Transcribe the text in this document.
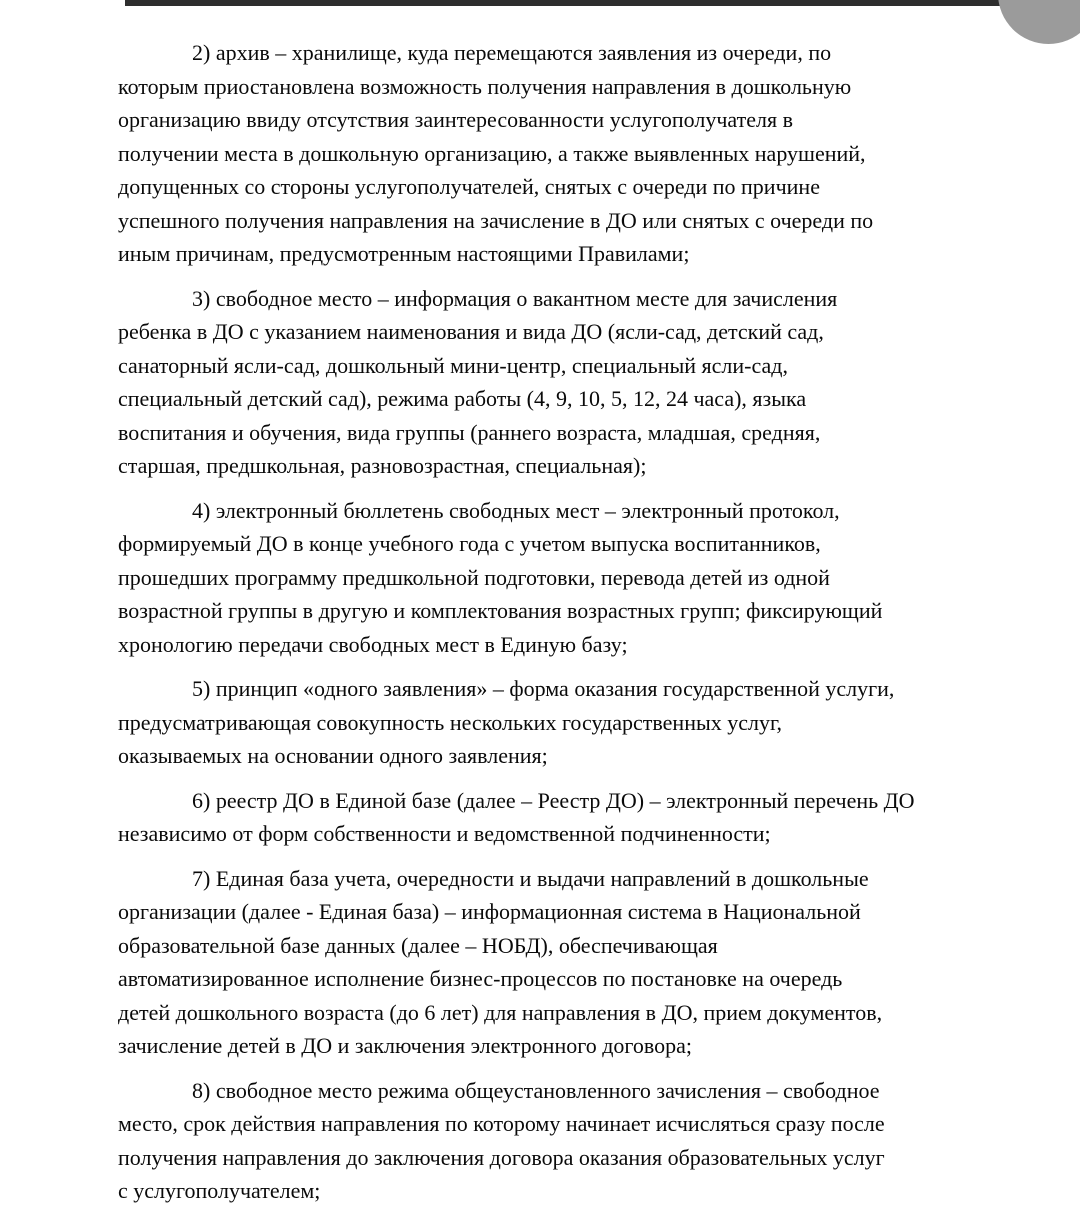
2) архив – хранилище, куда перемещаются заявления из очереди, по
которым приостановлена возможность получения направления в дошкольную
организацию ввиду отсутствия заинтересованности услугополучателя в
получении места в дошкольную организацию, а также выявленных нарушений,
допущенных со стороны услугополучателей, снятых с очереди по причине
успешного получения направления на зачисление в ДО или снятых с очереди по
иным причинам, предусмотренным настоящими Правилами;
3) свободное место – информация о вакантном месте для зачисления
ребенка в ДО с указанием наименования и вида ДО (ясли-сад, детский сад,
санаторный ясли-сад, дошкольный мини-центр, специальный ясли-сад,
специальный детский сад), режима работы (4, 9, 10, 5, 12, 24 часа), языка
воспитания и обучения, вида группы (раннего возраста, младшая, средняя,
старшая, предшкольная, разновозрастная, специальная);
4) электронный бюллетень свободных мест – электронный протокол,
формируемый ДО в конце учебного года с учетом выпуска воспитанников,
прошедших программу предшкольной подготовки, перевода детей из одной
возрастной группы в другую и комплектования возрастных групп; фиксирующий
хронологию передачи свободных мест в Единую базу;
5) принцип «одного заявления» – форма оказания государственной услуги,
предусматривающая совокупность нескольких государственных услуг,
оказываемых на основании одного заявления;
6) реестр ДО в Единой базе (далее – Реестр ДО) – электронный перечень ДО
независимо от форм собственности и ведомственной подчиненности;
7) Единая база учета, очередности и выдачи направлений в дошкольные
организации (далее - Единая база) – информационная система в Национальной
образовательной базе данных (далее – НОБД), обеспечивающая
автоматизированное исполнение бизнес-процессов по постановке на очередь
детей дошкольного возраста (до 6 лет) для направления в ДО, прием документов,
зачисление детей в ДО и заключения электронного договора;
8) свободное место режима общеустановленного зачисления – свободное
место, срок действия направления по которому начинает исчисляться сразу после
получения направления до заключения договора оказания образовательных услуг
с услугополучателем;
